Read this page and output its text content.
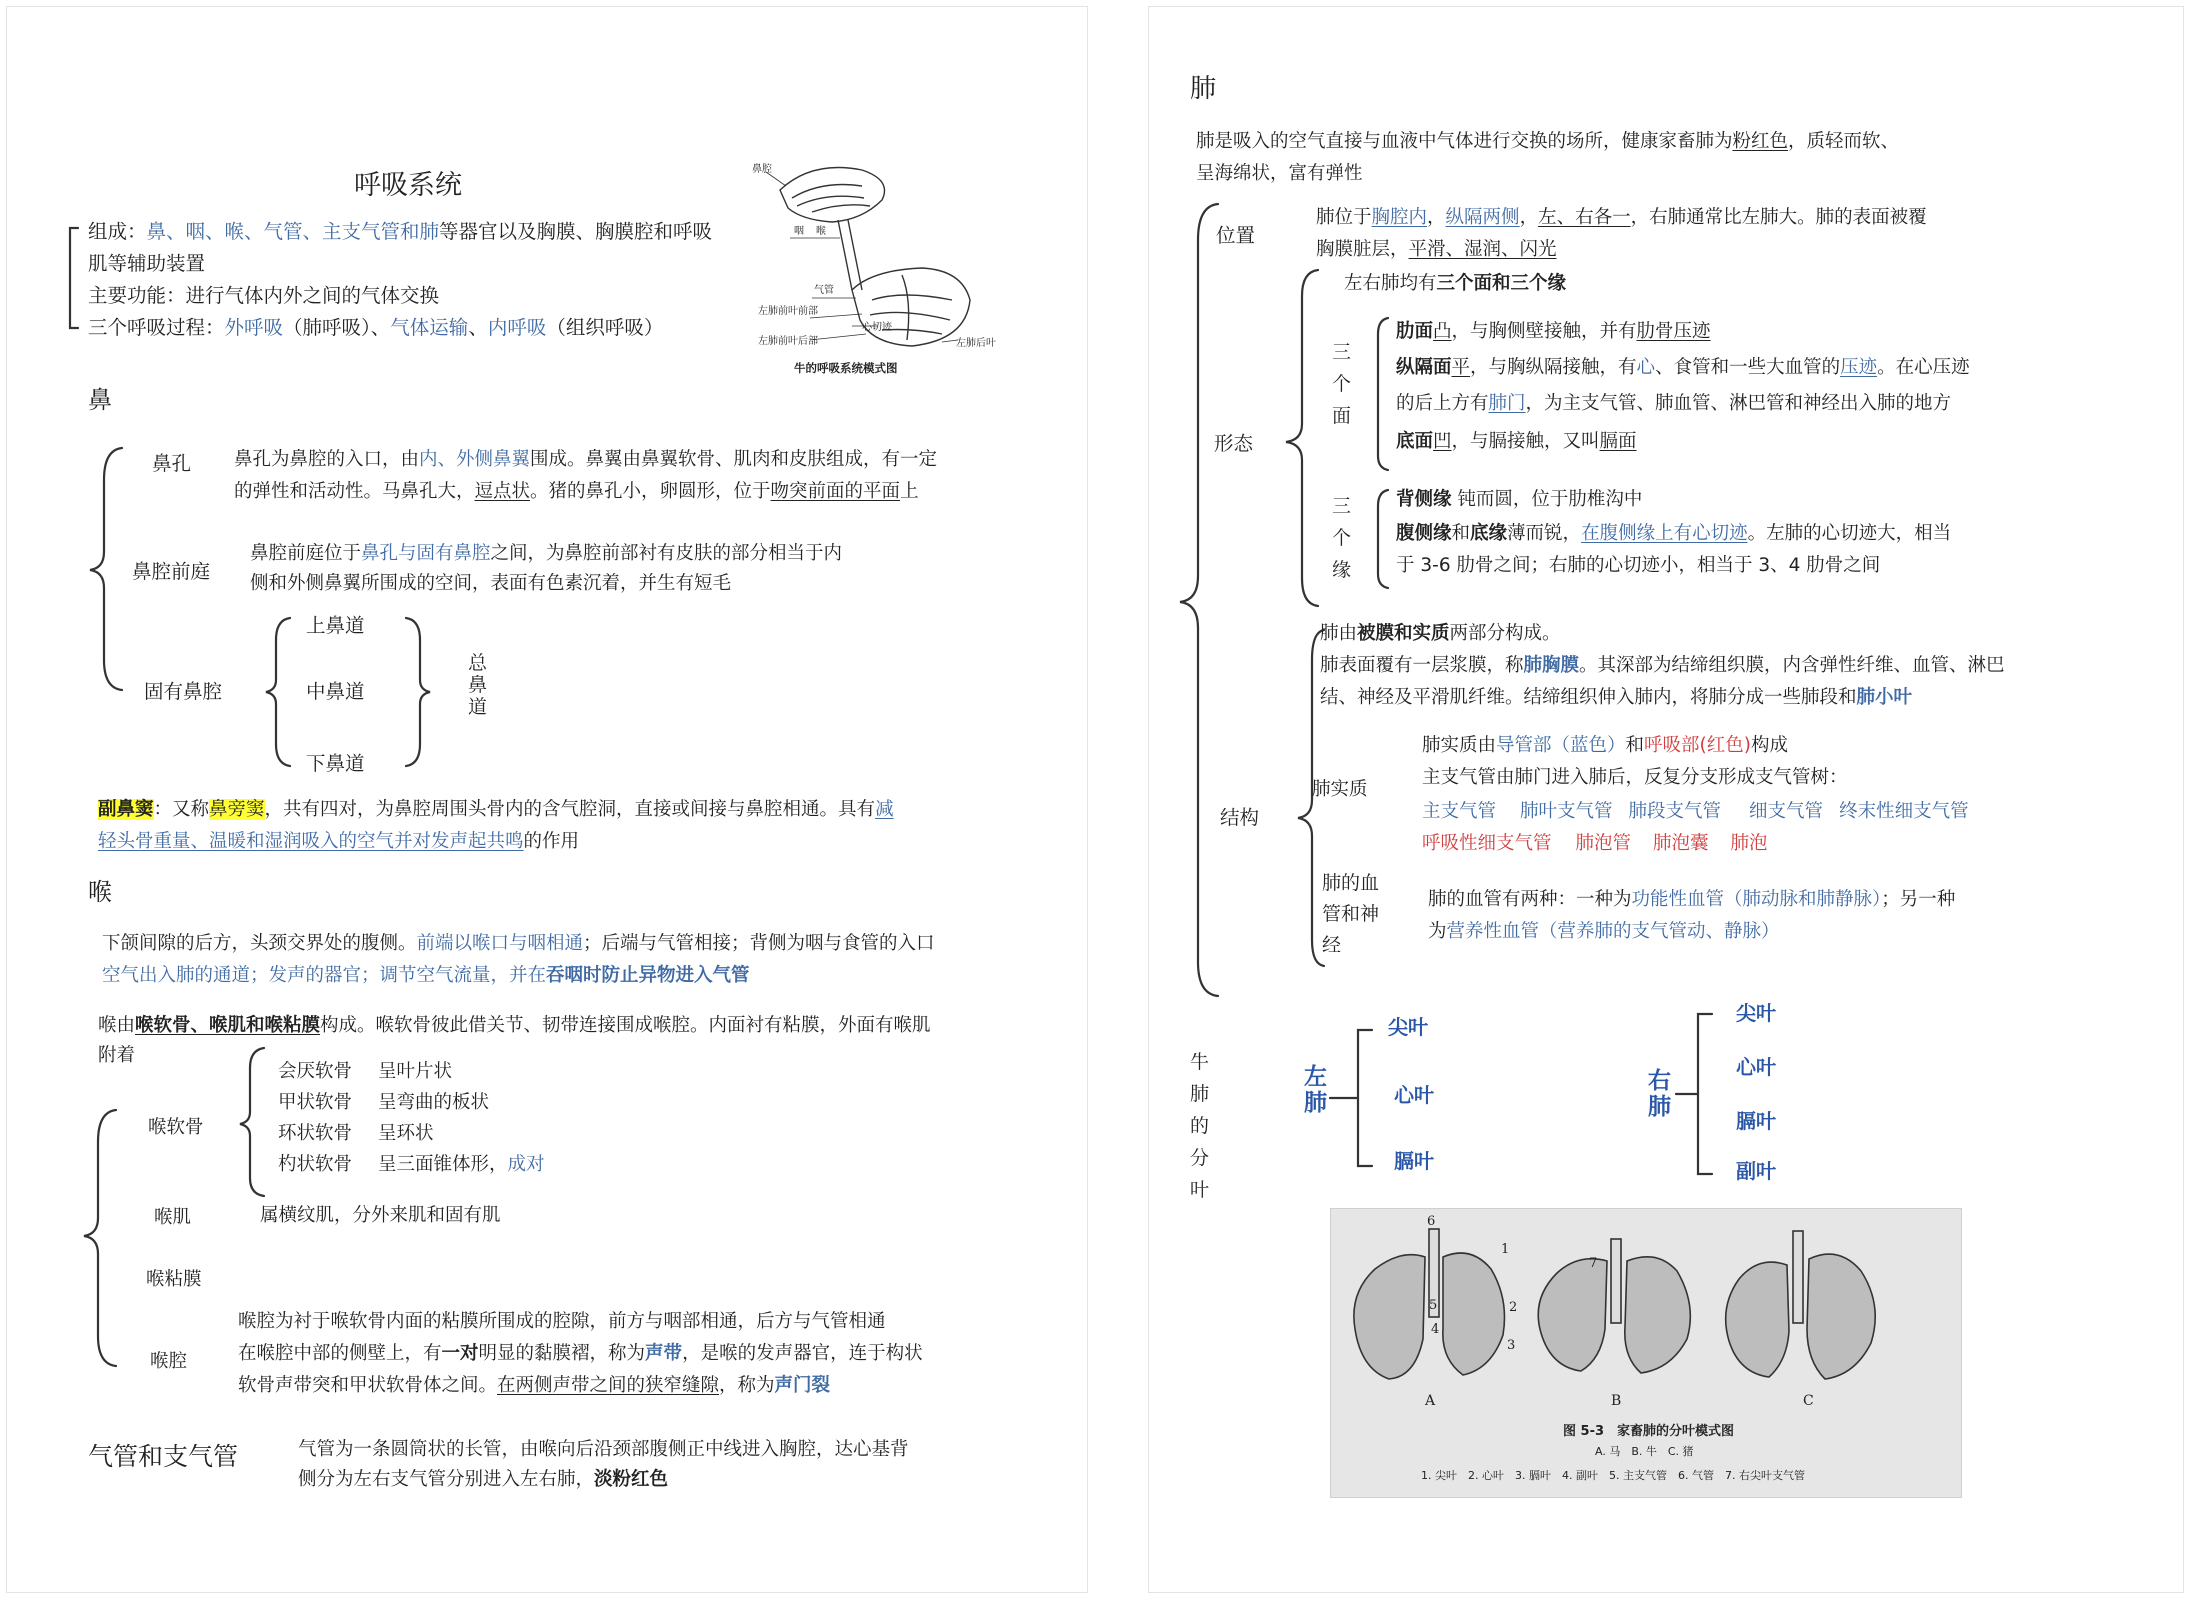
呼吸系统
组成：鼻、咽、喉、气管、主支气管和肺等器官以及胸膜、胸膜腔和呼吸
肌等辅助装置
主要功能：进行气体内外之间的气体交换
三个呼吸过程：外呼吸（肺呼吸）、气体运输、内呼吸（组织呼吸）
鼻腔
咽 喉
气管
左肺前叶前部
心切迹
左肺前叶后部	左肺后叶
牛的呼吸系统模式图
鼻
鼻孔 鼻孔为鼻腔的入口，由内、外侧鼻翼围成。鼻翼由鼻翼软骨、肌肉和皮肤组成，有一定
的弹性和活动性。马鼻孔大，逗点状。猪的鼻孔小，卵圆形，位于吻突前面的平面上
鼻腔前庭
鼻腔前庭位于鼻孔与固有鼻腔之间，为鼻腔前部衬有皮肤的部分相当于内
侧和外侧鼻翼所围成的空间，表面有色素沉着，并生有短毛
固有鼻腔
上鼻道
中鼻道
下鼻道
总
鼻
道
副鼻窦：又称鼻旁窦，共有四对，为鼻腔周围头骨内的含气腔洞，直接或间接与鼻腔相通。具有减
轻头骨重量、温暖和湿润吸入的空气并对发声起共鸣的作用
喉
下颌间隙的后方，头颈交界处的腹侧。前端以喉口与咽相通；后端与气管相接；背侧为咽与食管的入口
空气出入肺的通道；发声的器官；调节空气流量，并在吞咽时防止异物进入气管
喉由喉软骨、喉肌和喉粘膜构成。喉软骨彼此借关节、韧带连接围成喉腔。内面衬有粘膜，外面有喉肌
附着
喉软骨
会厌软骨 呈叶片状
甲状软骨 呈弯曲的板状
环状软骨 呈环状
杓状软骨 呈三面锥体形，成对
喉肌	属横纹肌，分外来肌和固有肌
喉粘膜
喉腔
喉腔为衬于喉软骨内面的粘膜所围成的腔隙，前方与咽部相通，后方与气管相通
在喉腔中部的侧壁上，有一对明显的黏膜褶，称为声带，是喉的发声器官，连于构状
软骨声带突和甲状软骨体之间。在两侧声带之间的狭窄缝隙，称为声门裂
气管和支气管	气管为一条圆筒状的长管，由喉向后沿颈部腹侧正中线进入胸腔，达心基背
侧分为左右支气管分别进入左右肺，淡粉红色
肺
肺是吸入的空气直接与血液中气体进行交换的场所，健康家畜肺为粉红色，质轻而软、
呈海绵状，富有弹性
位置
肺位于胸腔内，纵隔两侧，左、右各一，右肺通常比左肺大。肺的表面被覆
胸膜脏层，平滑、湿润、闪光
形态
左右肺均有三个面和三个缘
三
个
面
肋面凸，与胸侧壁接触，并有肋骨压迹
纵隔面平，与胸纵隔接触，有心、食管和一些大血管的压迹。在心压迹
的后上方有肺门，为主支气管、肺血管、淋巴管和神经出入肺的地方
底面凹，与膈接触，又叫膈面
三
个
缘
背侧缘 钝而圆，位于肋椎沟中
腹侧缘和底缘薄而锐，在腹侧缘上有心切迹。左肺的心切迹大，相当
于 3-6 肋骨之间；右肺的心切迹小，相当于 3、4 肋骨之间
结构
肺由被膜和实质两部分构成。
肺表面覆有一层浆膜，称肺胸膜。其深部为结缔组织膜，内含弹性纤维、血管、淋巴
结、神经及平滑肌纤维。结缔组织伸入肺内，将肺分成一些肺段和肺小叶
肺实质
肺实质由导管部（蓝色）和呼吸部(红色)构成
主支气管由肺门进入肺后，反复分支形成支气管树：
主支气管 肺叶支气管 肺段支气管 细支气管 终末性细支气管
呼吸性细支气管 肺泡管 肺泡囊 肺泡
肺的血
管和神
经
肺的血管有两种：一种为功能性血管（肺动脉和肺静脉）；另一种
为营养性血管（营养肺的支气管动、静脉）
牛
肺
的
分
叶
左
肺
尖叶
心叶
膈叶
右
肺
尖叶
心叶
膈叶
副叶
6
1
2
3
4
5
7
A	B	C
图 5-3　家畜肺的分叶模式图
A. 马　B. 牛　C. 猪
1. 尖叶　2. 心叶　3. 膈叶　4. 副叶　5. 主支气管　6. 气管　7. 右尖叶支气管
